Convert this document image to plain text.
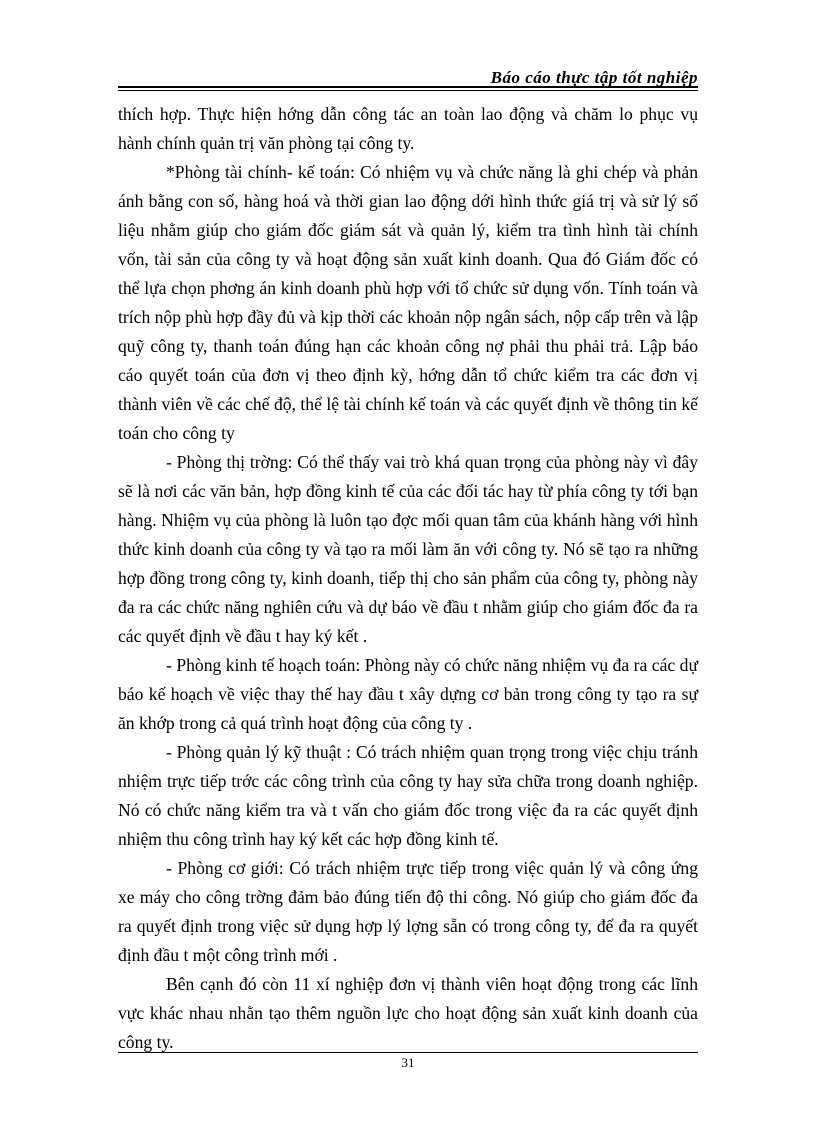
Báo cáo thực tập tốt nghiệp

thích hợp. Thực hiện hớng dẫn công tác an toàn lao động và chăm lo phục vụ hành chính quản trị văn phòng tại công ty.

*Phòng tài chính- kế toán: Có nhiệm vụ và chức năng là ghi chép và phản ánh bằng con số, hàng hoá và thời gian lao động dới hình thức giá trị và sử lý số liệu nhằm giúp cho giám đốc giám sát và quản lý, kiểm tra tình hình tài chính vốn, tài sản của công ty và hoạt động sản xuất kinh doanh. Qua đó Giám đốc có thể lựa chọn phơng án kinh doanh phù hợp với tổ chức sử dụng vốn. Tính toán và trích nộp phù hợp đầy đủ và kịp thời các khoản nộp ngân sách, nộp cấp trên và lập quỹ công ty, thanh toán đúng hạn các khoản công nợ phải thu phải trả. Lập báo cáo quyết toán của đơn vị theo định kỳ, hớng dẫn tổ chức kiểm tra các đơn vị thành viên về các chế độ, thể lệ tài chính kế toán và các quyết định về thông tin kế toán cho công ty

- Phòng thị trờng: Có thể thấy vai trò khá quan trọng của phòng này vì đây sẽ là nơi các văn bản, hợp đồng kinh tế của các đối tác hay từ phía công ty tới bạn hàng. Nhiệm vụ của phòng là luôn tạo đợc mối quan tâm của khánh hàng với hình thức kinh doanh của công ty và tạo ra mối làm ăn với công ty. Nó sẽ tạo ra những hợp đồng trong công ty, kinh doanh, tiếp thị cho sản phẩm của công ty, phòng này đa ra các chức năng nghiên cứu và dự báo về đầu t nhằm giúp cho giám đốc đa ra các quyết định về đầu t hay ký kết .

- Phòng kinh tế hoạch toán: Phòng này có chức năng nhiệm vụ đa ra các dự báo kế hoạch về việc thay thế hay đầu t xây dựng cơ bản trong công ty tạo ra sự ăn khớp trong cả quá trình hoạt động của công ty .

- Phòng quản lý kỹ thuật : Có trách nhiệm quan trọng trong việc chịu tránh nhiệm trực tiếp trớc các công trình của công ty hay sửa chữa trong doanh nghiệp. Nó có chức năng kiểm tra và t vấn cho giám đốc trong việc đa ra các quyết định nhiệm thu công trình hay ký kết các hợp đồng kinh tế.

- Phòng cơ giới: Có trách nhiệm trực tiếp trong việc quản lý và công ứng xe máy cho công trờng đảm bảo đúng tiến độ thi công. Nó giúp cho giám đốc đa ra quyết định trong việc sử dụng hợp lý lợng sẵn có trong công ty, để đa ra quyết định đầu t một công trình mới .

Bên cạnh đó còn 11 xí nghiệp đơn vị thành viên hoạt động trong các lĩnh vực khác nhau nhằn tạo thêm nguồn lực cho hoạt động sản xuất kinh doanh của công ty.

31
